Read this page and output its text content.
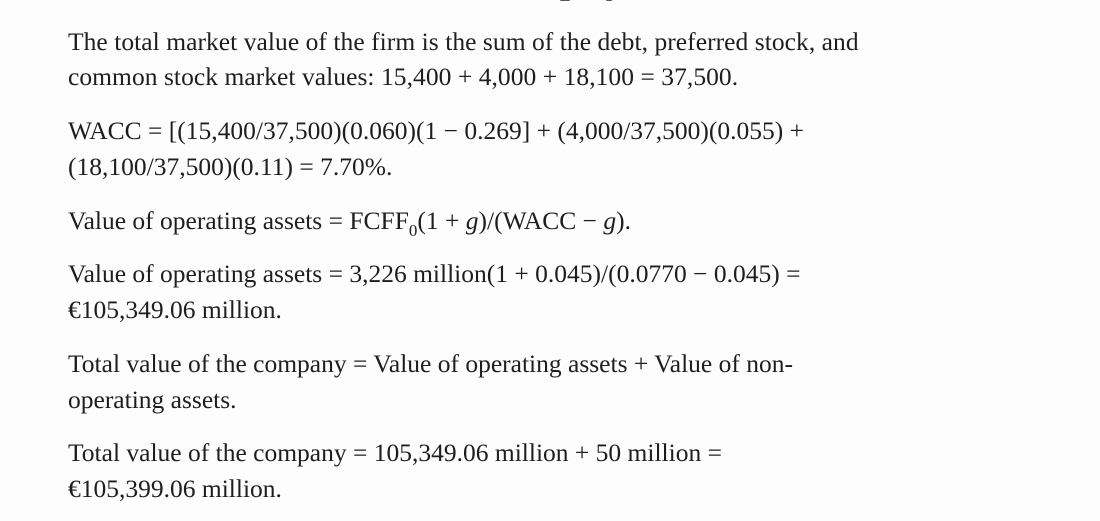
The total market value of the firm is the sum of the debt, preferred stock, and
common stock market values: 15,400 + 4,000 + 18,100 = 37,500.

WACC = [(15,400/37,500)(0.060)(1 − 0.269] + (4,000/37,500)(0.055) +
(18,100/37,500)(0.11) = 7.70%.

Value of operating assets = $FCFF_0(1$ + g)/(WACC − g).

Value of operating assets = 3,226 million(1 + 0.045)/(0.0770 − 0.045) =
€105,349.06 million.

Total value of the company = Value of operating assets + Value of non-
operating assets.

Total value of the company = 105,349.06 million + 50 million =
€105,399.06 million.
